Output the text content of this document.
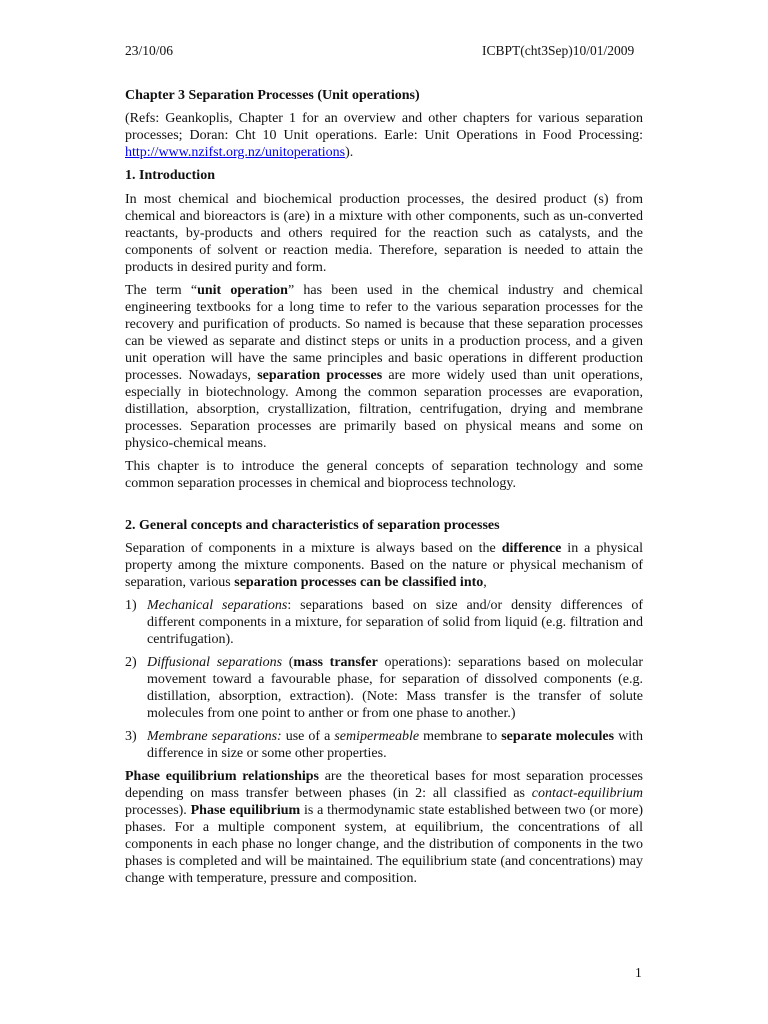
23/10/06	ICBPT(cht3Sep)10/01/2009

Chapter 3 Separation Processes (Unit operations)

(Refs: Geankoplis, Chapter 1 for an overview and other chapters for various separation processes; Doran: Cht 10 Unit operations. Earle: Unit Operations in Food Processing: http://www.nzifst.org.nz/unitoperations).

1. Introduction

In most chemical and biochemical production processes, the desired product (s) from chemical and bioreactors is (are) in a mixture with other components, such as un-converted reactants, by-products and others required for the reaction such as catalysts, and the components of solvent or reaction media. Therefore, separation is needed to attain the products in desired purity and form.

The term “unit operation” has been used in the chemical industry and chemical engineering textbooks for a long time to refer to the various separation processes for the recovery and purification of products. So named is because that these separation processes can be viewed as separate and distinct steps or units in a production process, and a given unit operation will have the same principles and basic operations in different production processes. Nowadays, separation processes are more widely used than unit operations, especially in biotechnology. Among the common separation processes are evaporation, distillation, absorption, crystallization, filtration, centrifugation, drying and membrane processes. Separation processes are primarily based on physical means and some on physico-chemical means.

This chapter is to introduce the general concepts of separation technology and some common separation processes in chemical and bioprocess technology.

2. General concepts and characteristics of separation processes

Separation of components in a mixture is always based on the difference in a physical property among the mixture components. Based on the nature or physical mechanism of separation, various separation processes can be classified into,

1) Mechanical separations: separations based on size and/or density differences of different components in a mixture, for separation of solid from liquid (e.g. filtration and centrifugation).
2) Diffusional separations (mass transfer operations): separations based on molecular movement toward a favourable phase, for separation of dissolved components (e.g. distillation, absorption, extraction). (Note: Mass transfer is the transfer of solute molecules from one point to anther or from one phase to another.)
3) Membrane separations: use of a semipermeable membrane to separate molecules with difference in size or some other properties.

Phase equilibrium relationships are the theoretical bases for most separation processes depending on mass transfer between phases (in 2: all classified as contact-equilibrium processes). Phase equilibrium is a thermodynamic state established between two (or more) phases. For a multiple component system, at equilibrium, the concentrations of all components in each phase no longer change, and the distribution of components in the two phases is completed and will be maintained. The equilibrium state (and concentrations) may change with temperature, pressure and composition.

1
